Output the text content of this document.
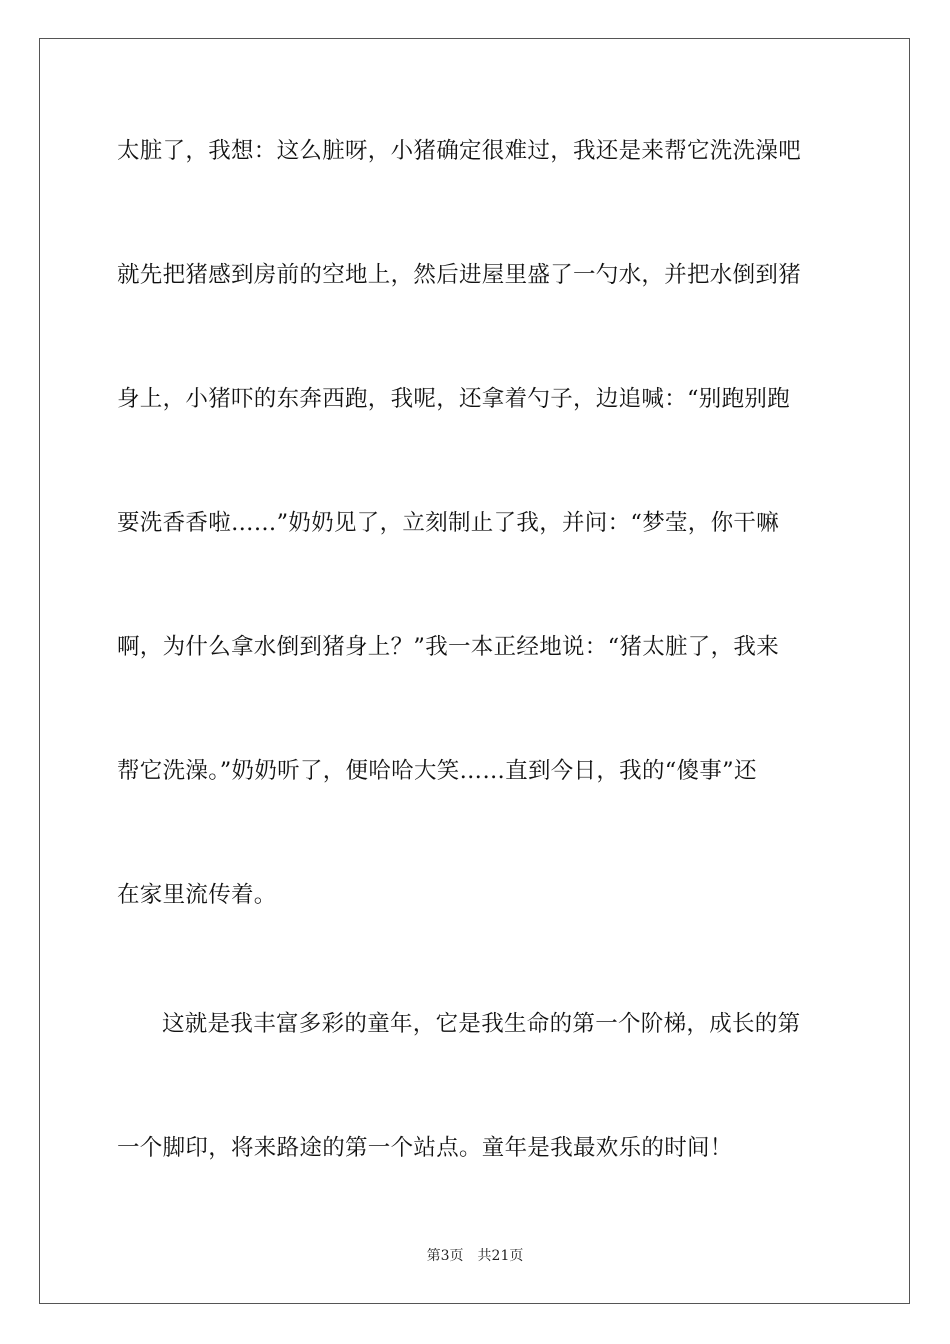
太脏了，我想：这么脏呀，小猪确定很难过，我还是来帮它洗洗澡吧
就先把猪感到房前的空地上，然后进屋里盛了一勺水，并把水倒到猪
身上，小猪吓的东奔西跑，我呢，还拿着勺子，边追喊：“别跑别跑
要洗香香啦……”奶奶见了，立刻制止了我，并问：“梦莹，你干嘛
啊，为什么拿水倒到猪身上？”我一本正经地说：“猪太脏了，我来
帮它洗澡。”奶奶听了，便哈哈大笑……直到今日，我的“傻事”还
在家里流传着。
这就是我丰富多彩的童年，它是我生命的第一个阶梯，成长的第
一个脚印，将来路途的第一个站点。童年是我最欢乐的时间！
第3页 共21页
